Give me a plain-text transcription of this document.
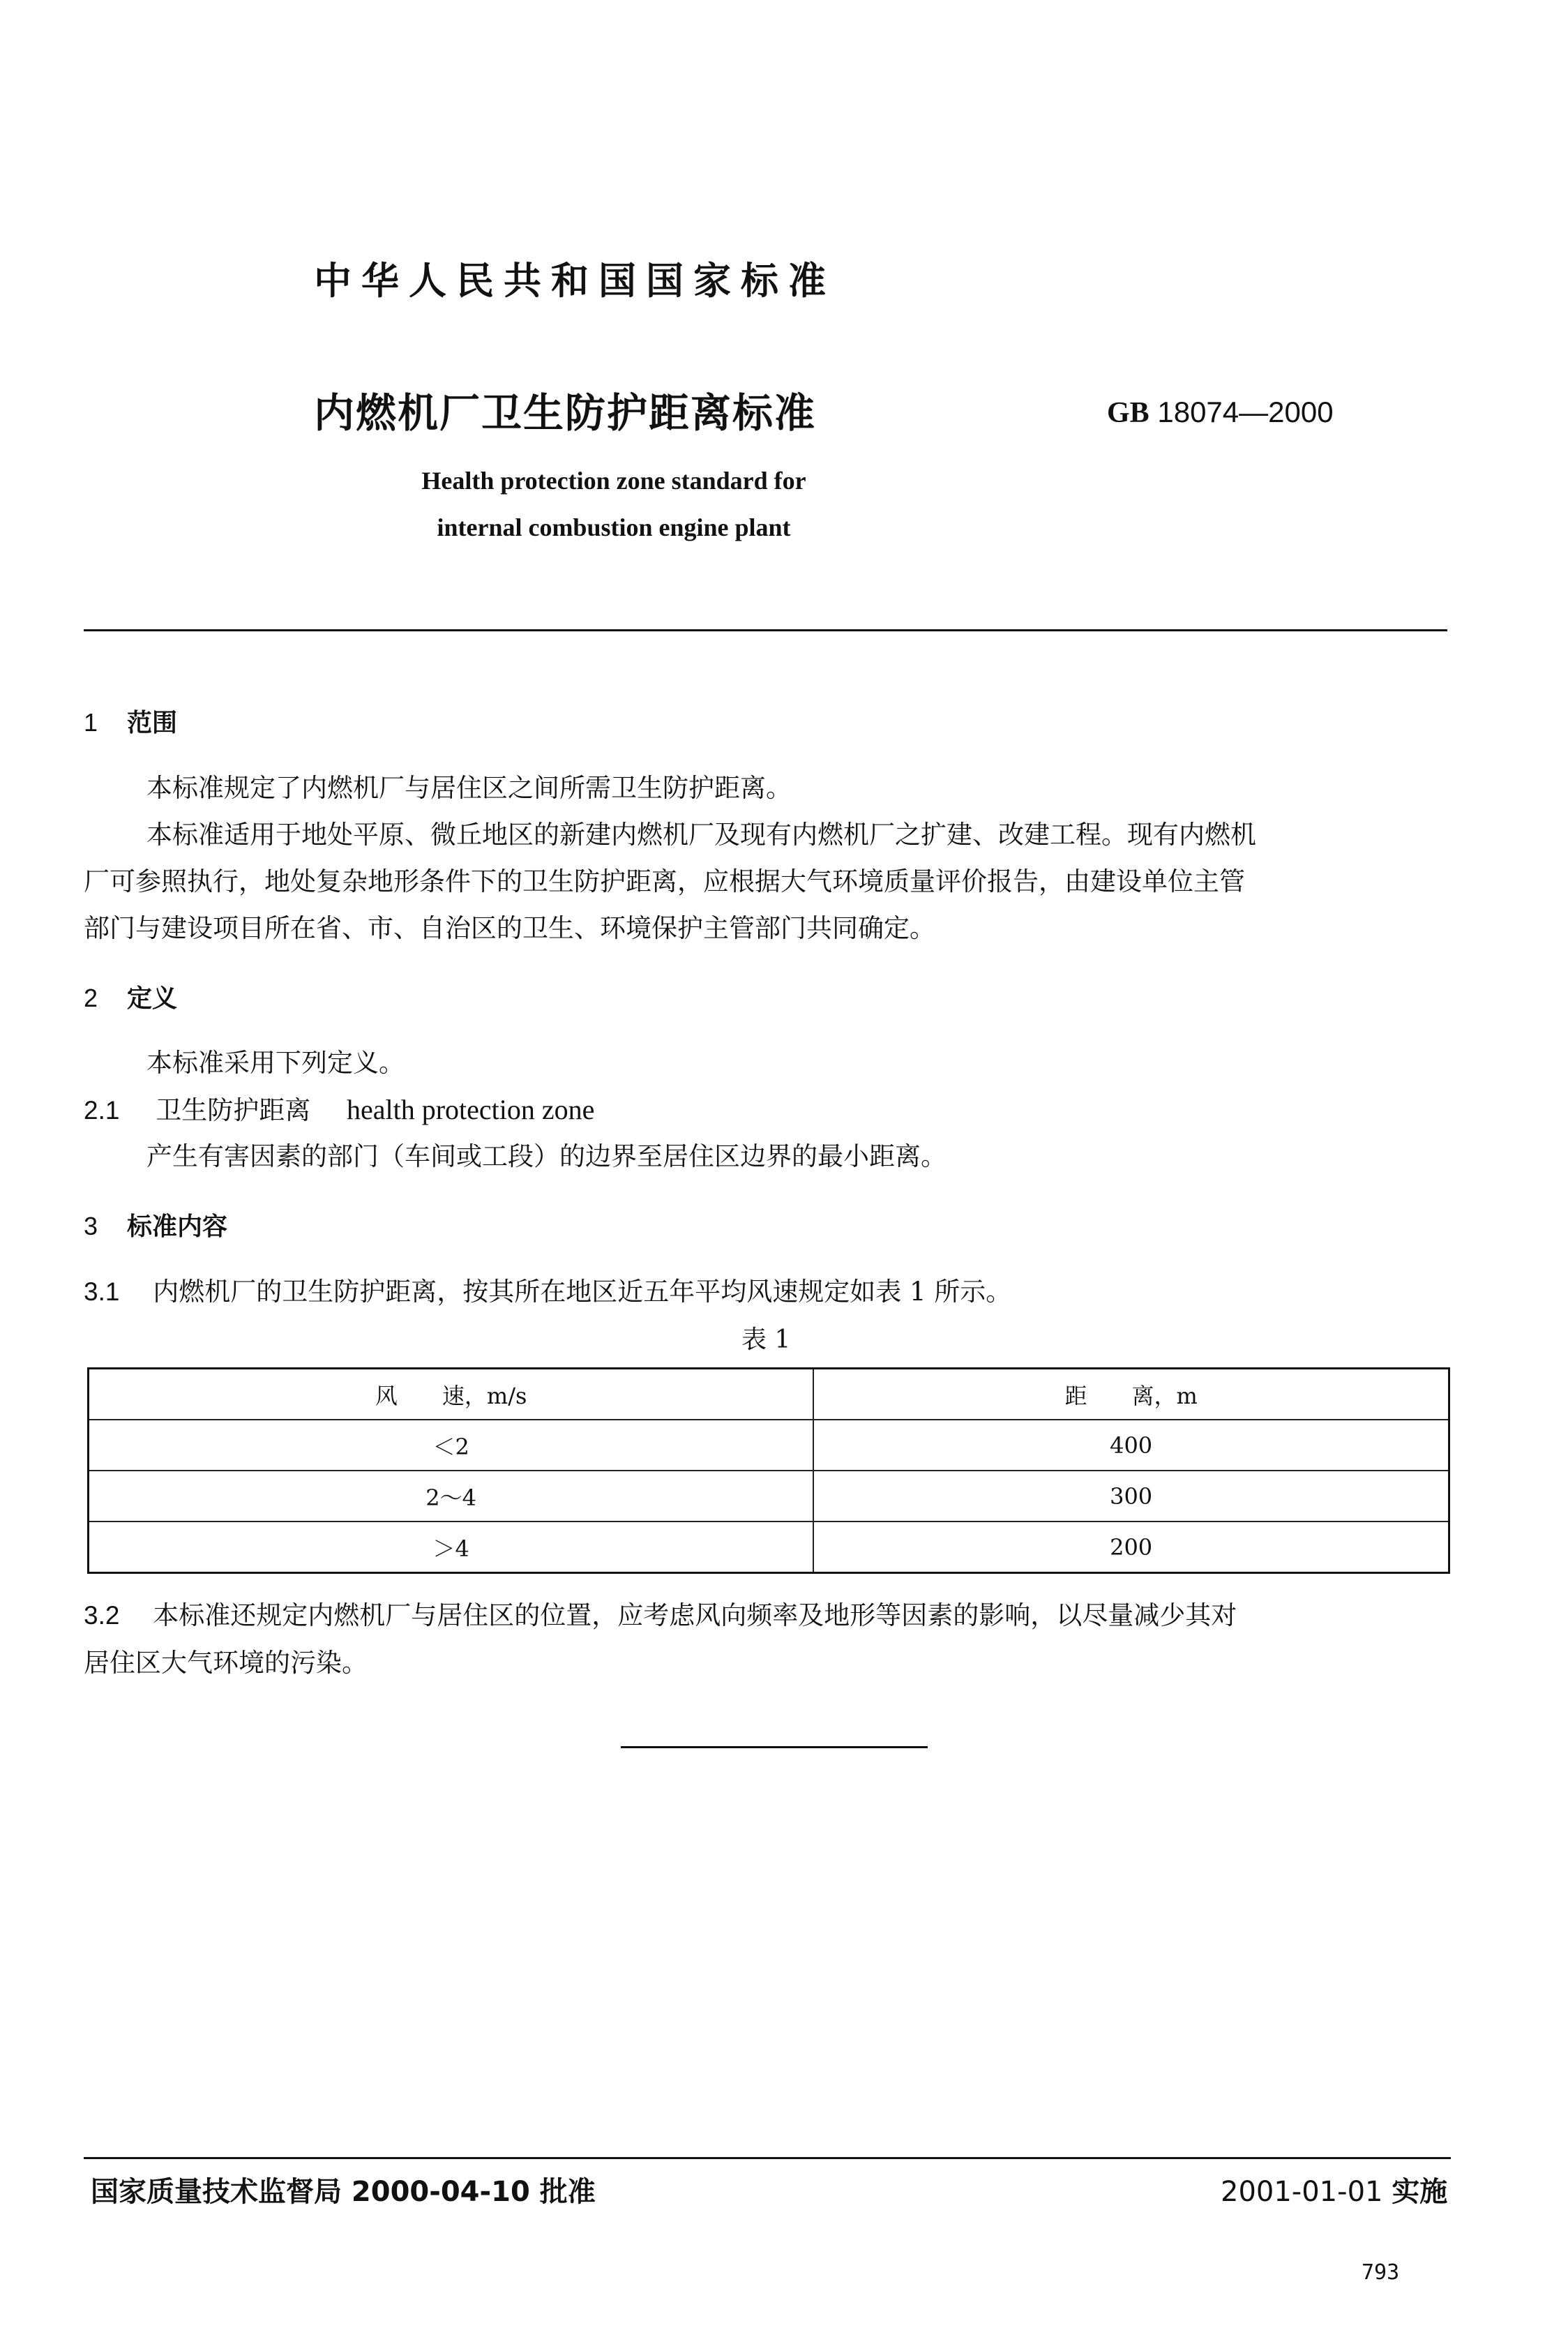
中华人民共和国国家标准
内燃机厂卫生防护距离标准	GB 18074—2000
Health protection zone standard for
internal combustion engine plant
1 范围
本标准规定了内燃机厂与居住区之间所需卫生防护距离。
本标准适用于地处平原、微丘地区的新建内燃机厂及现有内燃机厂之扩建、改建工程。现有内燃机
厂可参照执行，地处复杂地形条件下的卫生防护距离，应根据大气环境质量评价报告，由建设单位主管
部门与建设项目所在省、市、自治区的卫生、环境保护主管部门共同确定。
2 定义
本标准采用下列定义。
2.1 卫生防护距离 health protection zone
产生有害因素的部门（车间或工段）的边界至居住区边界的最小距离。
3 标准内容
3.1 内燃机厂的卫生防护距离，按其所在地区近五年平均风速规定如表 1 所示。
表 1
风　　速，m/s	距　　离，m
＜2	400
2～4	300
＞4	200
3.2 本标准还规定内燃机厂与居住区的位置，应考虑风向频率及地形等因素的影响，以尽量减少其对
居住区大气环境的污染。
国家质量技术监督局 2000-04-10 批准	2001-01-01 实施
793
